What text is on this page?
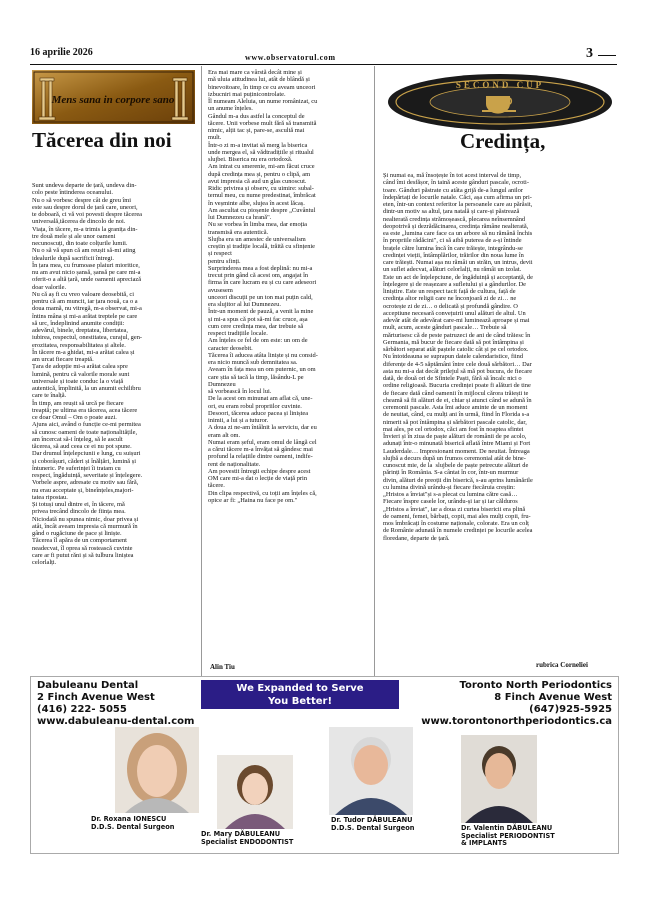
16 aprilie 2026	www.observatorul.com	3
Mens sana in corpore sano
Tăcerea din noi
Sunt undeva departe de țară, undeva din-
colo peste întinderea oceanului.
Nu o să vorbesc despre cât de greu îmi
este sau despre dorul de țară care, uneori,
te doboară, ci vă voi povesti despre tăcerea
universală,tăcerea de dincolo de noi.
Viața, în tăcere, m-a trimis la granița din-
tre două mele și ale unor oameni
necunoscuți, din toate colțurile lumii.
Nu o să vă spun că am reușit să-mi ating
idealurile după sacrificii întregi.
În țara mea, cu frumoase plaiuri mioritice,
nu am avut nicio șansă, șansă pe care mi-a
oferit-o a altă țară, unde oamenii apreciază
doar valorile.
Nu că aș fi cu vreo valoare deosebită, ci
pentru că am muncit, iar țara nouă, ca o a
doua mamă, nu vitregă, m-a observat, mi-a
întins mâna și mi-a arătat treptele pe care
să urc, îndeplinind anumite condiții:
adevărul, binele, dreptatea, libertatea,
iubirea, respectul, onestitatea, curajul, gen-
erozitatea, responsabilitatea și altele.
În tăcere m-a ghidat, mi-a arătat calea și
am urcat fiecare treaptă.
Țara de adopție mi-a arătat calea spre
lumină, pentru că valorile morale sunt
universale și toate conduc la o viață
autentică, împlinită, la un anumit echilibru
care te înalță.
În timp, am reușit să urcă pe fiecare
treaptă; pe ultima era tăcerea, acea tăcere
ce doar Omul – Om o poate auzi.
Ajuns aici, având o funcție ce-mi permitea
să cunosc oameni de toate naționalitățile,
am încercat să-i înțeleg, să le ascult
tăcerea, să aud ceea ce ei nu pot spune.
Dar drumul înțelepciunii e lung, cu suișuri
și coborâșuri, căderi și înălțări, lumină și
întuneric. Pe suferinței îi tratam cu
respect, îngăduință, severitate și înțelegere.
Vorbele aspre, adresate cu motiv sau fără,
nu erau acceptate și, bineînțeles,majori-
tatea ripostau.
Și totuși unul dintre ei, în tăcere, mă
privea trecând dincolo de ființa mea.
Niciodată nu spunea nimic, doar privea și
atât, încât aveam impresia că murmură în
gând o rugăciune de pace și liniște.
Tăcerea îl apăra de un comportament
neadecvat, îl oprea să rostească cuvinte
care ar fi putut răni și să tulbura liniștea
celorlalți.
Era mai mare ca vârstă decât mine și
mă uluia atitudinea lui, atât de blândă și
binevoitoare, în timp ce cu aveam unceori
izbucniri mai puținicontrolate.
Îl numeam Aleluia, un nume românizat, cu
un anume înțeles.
Gândul m-a dus astfel la conceptul de
tăcere. Unii vorbese mult fără să transmită
nimic, alții tac și, pare-se, ascultă mai
mult.
Într-o zi m-a invitat să merg la biserica
unde mergea el, să vădtradițiile și ritualul
slujbei. Biserica nu era ortodoxă.
Am intrat cu smerenie, mi-am făcut cruce
după credința mea și, pentru o clipă, am
avut impresia că aud un glas cunoscut.
Ridic privirea și observ, cu uimire: subal-
ternul meu, cu nume predestinat, îmbrăcat
în veșminte albe, slujea în acest lăcaș.
Am ascultat cu pioșenie despre „Cuvântul
lui Dumnezeu ca hrană".
Nu se vorbea în limba mea, dar emoția
transmisă era autentică.
Slujba era un amestec de universalism
creștin și tradiție locală, trăită cu sfințenie
și respect
pentru sfinți.
Surprinderea mea a fost deplină: nu mi-a
trecut prin gând că acest om, angajat în
firma în care lucram eu și cu care adeseori
avusesem
unceori discuții pe un ton mai puțin cald,
era slujitor al lui Dumnezeu.
Într-un moment de pauză, a venit la mine
și mi-a spus că pot să-mi fac cruce, așa
cum cere credința mea, dar trebuie să
respect tradițiile locale.
Am înțeles ce fel de om este: un om de
caracter deosebit.
Tăcerea îi aducea atâta liniște și nu consid-
era nicio muncă sub demnitatea sa.
Aveam în fața mea un om puternic, un om
care știa să tacă la timp, lăsându-L pe
Dumnezeu
să vorbească în locul lui.
De la acest om minunat am aflat că, une-
ori, eu eram robul propriilor cuvinte.
Desoori, tăcerea aduce pacea și liniștea
inimii, a lui și a tuturor.
A doua zi ne-am întâlnit la serviciu, dar eu
eram alt om.
Numai eram șeful, eram omul de lângă cel
a cărui tăcere m-a învățat să gândesc mai
profund la relațiile dintre oameni, indife-
rent de naționalitate.
Am povestit întregii echipe despre acest
OM care mi-a dat o lecție de viață prin
tăcere.
Din clipa respectivă, cu toții am înțeles că,
орісе ar fi: „Haina nu face pe om."
Alin Tiu
SECOND CUP
Credința,
Și numai ea, mă însoțește în tot acest interval de timp,
când îmi desfășor, în taină aceste gânduri pascale, ocroti-
toare. Gânduri păstrate cu atâta grijă de-a lungul anilor
îndepărtați de locurile natale. Căci, așa cum afirma un pri-
eten, într-un context referitor la persoanele care au părăsit,
dintr-un motiv sa altul, țara natală și care-și păstrează
nealterată credința strămoșească, plecarea neînsemnând
deopotrivă și dezrădăcinarea, credința rămâne nealterată,
ea este „lumina care face ca un arbore să nu rămână închis
în propriile rădăcini", ci să aibă puterea de a-și întinde
brațele către lumina încă în care trăiește, integrându-se
credinței vieții, întâmplărilor, trăirilor din noua lume în
care trăiești. Numai așa nu rămâi un străin, un intrus, devii
un suflet adecvat, alături celorlalți, nu rămâi un izolat.
Este un act de înțelepciune, de îngăduință și acceptanță, de
înțelegere și de reașezare a sufletului și a gândurilor. De
liniștire. Este un respect tacit față de cultura, față de
credința altor religii care ne înconjoară zi de zi… ne
ocrotește zi de zi… o delicată și profundă gândire. O
acceptiune necesară convețuirii unul alături de altul. Un
adevăr atât de adevărat care-mi luminează aproape și mai
mult, acum, aceste gânduri pascale… Trebuie să
mărturisesc că de peste patruzeci de ani de când trăiesc în
Germania, mă bucur de fiecare dată să pot întâmpina și
sărbători separat atât paștele catolic cât și pe cel ortodox.
Nu întotdeauna se suprapun datele calendaristice, fiind
diferențe de 4-5 săptămâni între cele două sărbători… Dar
asta nu mi-a dat decât prilejul să mă pot bucura, de fiecare
dată, de două ori de Sfintele Paști, fără să încalc nici o
ordine religioasă. Bucuria credinței poate fi alături de tine
de fiecare dată când oamenii în mijlocul cărora trăiești te
cheamă să fii alături de ei, chiar și atunci când se adună în
ceremonii pascale. Asta îmi aduce aminte de un moment
de neuitat, când, cu mulți ani în urmă, fiind în Florida s-a
nimerit să pot întâmpina și sărbători pascale catolic, dar,
mai ales, pe cel ortodox, căci am fost în noaptea sfintei
Învieri și în ziua de paște alături de românii de pe acolo,
adunați într-o minunată biserică aflată între Miami și Fort
Lauderdale… Impresionant moment. De neuitat. Întreaga
slujbă a decurs după un frumos ceremonial atât de bine-
cunoscut mie, de la  slujbele de paște petrecute alături de
părinți în România. S-a cântat în cor, într-un murmur
divin, alături de preoții din biserică, s-au aprins lumânările
cu lumina divină urându-și fiecare fiecăruia creștin:
„Hristos a înviat"și s-a plecat cu lumina către casă…
Fiecare înspre casele lor, urându-și iar și iar călduros
„Hristos a înviat", iar a doua zi curtea bisericii era plină
de oameni, femei, bărbați, copii, mai ales mulți copii, fru-
mos îmbrăcați în costume naționale, colorate. Era un colț
de Românie adunată în numele credinței pe locurile acelea
floredane, departe de țară.
rubrica Corneliei
Dabuleanu Dental
2 Finch Avenue West
(416) 222- 5055
www.dabuleanu-dental.com
We Expanded to Serve
You Better!
Toronto North Periodontics
8 Finch Avenue West
(647)925-5925
www.torontonorthperiodontics.ca
Dr. Roxana IONESCU
D.D.S. Dental Surgeon
Dr. Mary DĂBULEANU
Specialist ENDODONTIST
Dr. Tudor DĂBULEANU
D.D.S. Dental Surgeon	Dr. Valentin DĂBULEANU
Specialist PERIODONTIST
& IMPLANTS
